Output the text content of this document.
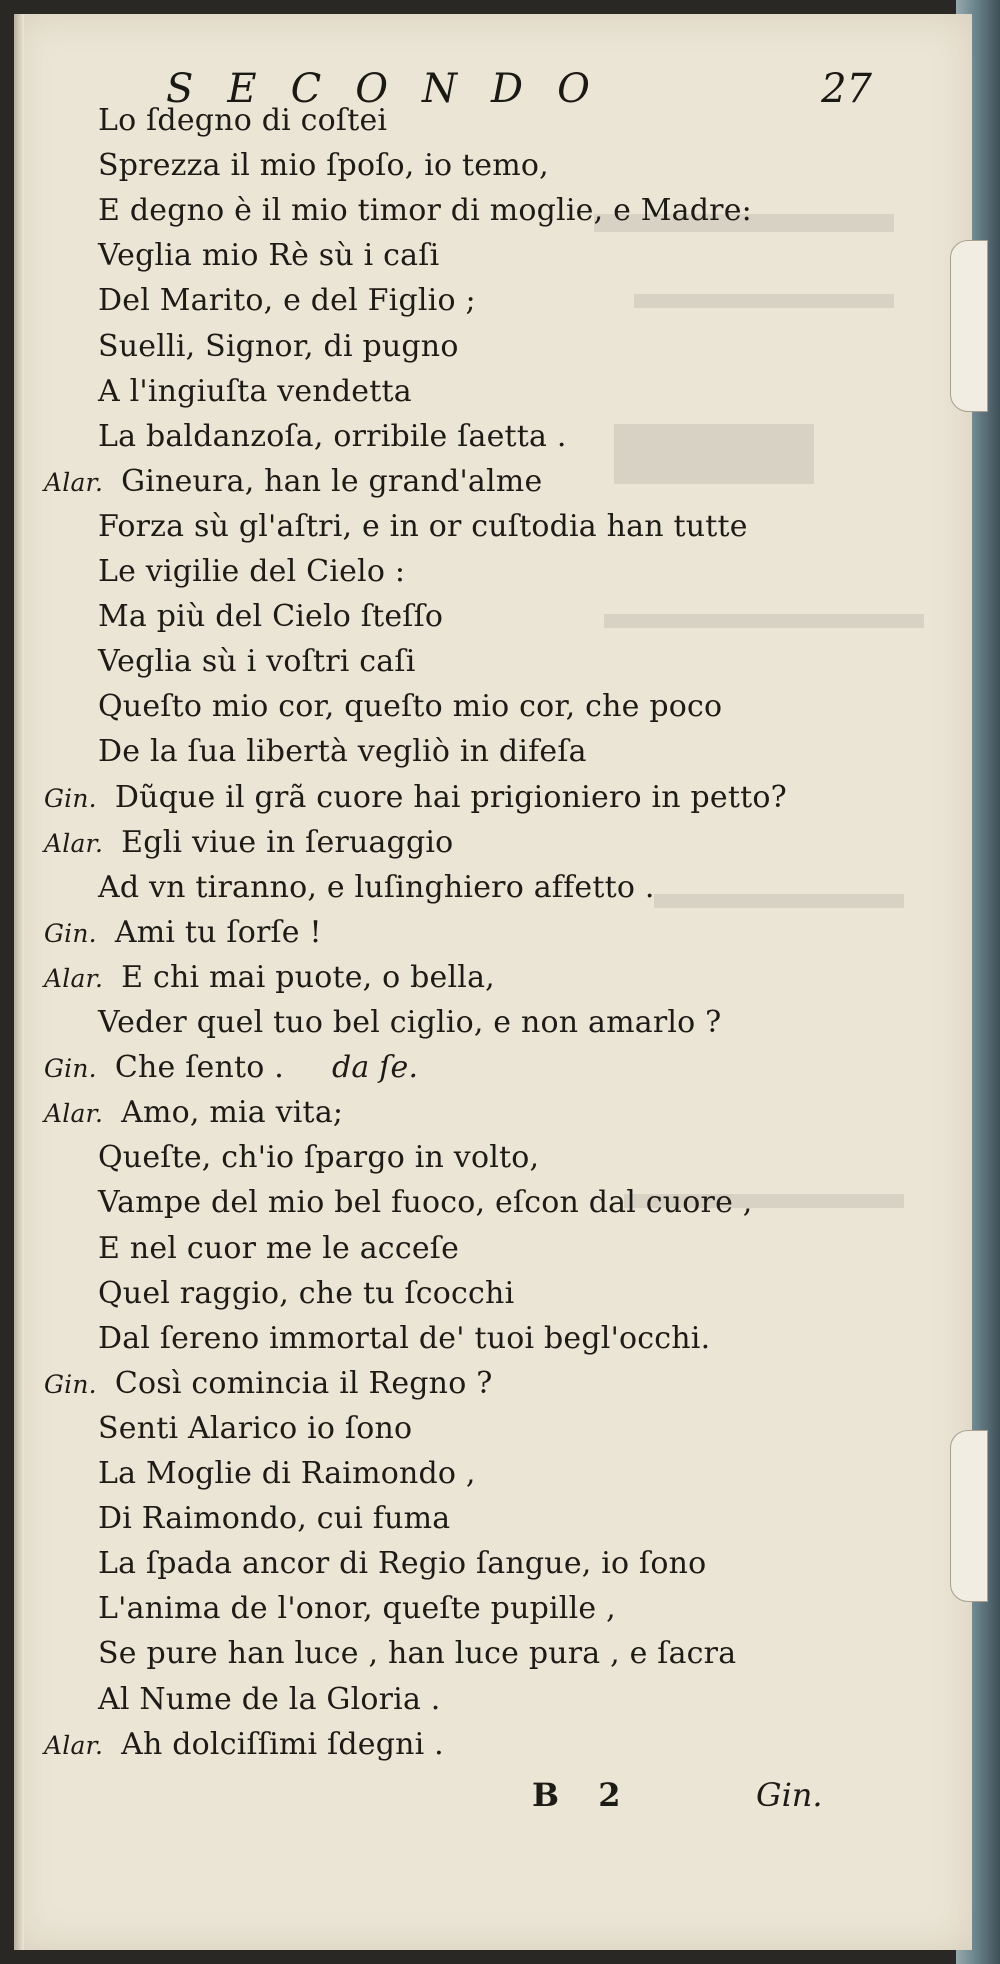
SECONDO	27
Lo ſdegno di coſtei
Sprezza il mio ſpoſo, io temo,
E degno è il mio timor di moglie, e Madre:
Veglia mio Rè sù i caſi
Del Marito, e del Figlio ;
Suelli, Signor, di pugno
A l'ingiuſta vendetta
La baldanzoſa, orribile ſaetta .
Alar. Gineura, han le grand'alme
Forza sù gl'aſtri, e in or cuſtodia han tutte
Le vigilie del Cielo :
Ma più del Cielo ſteſſo
Veglia sù i voſtri caſi
Queſto mio cor, queſto mio cor, che poco
De la ſua libertà vegliò in difeſa
Gin. Dũque il grã cuore hai prigioniero in petto?
Alar. Egli viue in ſeruaggio
Ad vn tiranno, e luſinghiero affetto .
Gin. Ami tu ſorſe !
Alar. E chi mai puote, o bella,
Veder quel tuo bel ciglio, e non amarlo ?
Gin. Che ſento . da ſe.
Alar. Amo, mia vita;
Queſte, ch'io ſpargo in volto,
Vampe del mio bel fuoco, eſcon dal cuore ,
E nel cuor me le acceſe
Quel raggio, che tu ſcocchi
Dal ſereno immortal de' tuoi begl'occhi.
Gin. Così comincia il Regno ?
Senti Alarico io ſono
La Moglie di Raimondo ,
Di Raimondo, cui fuma
La ſpada ancor di Regio ſangue, io ſono
L'anima de l'onor, queſte pupille ,
Se pure han luce , han luce pura , e ſacra
Al Nume de la Gloria .
Alar. Ah dolciſſimi ſdegni .
B 2	Gin.
